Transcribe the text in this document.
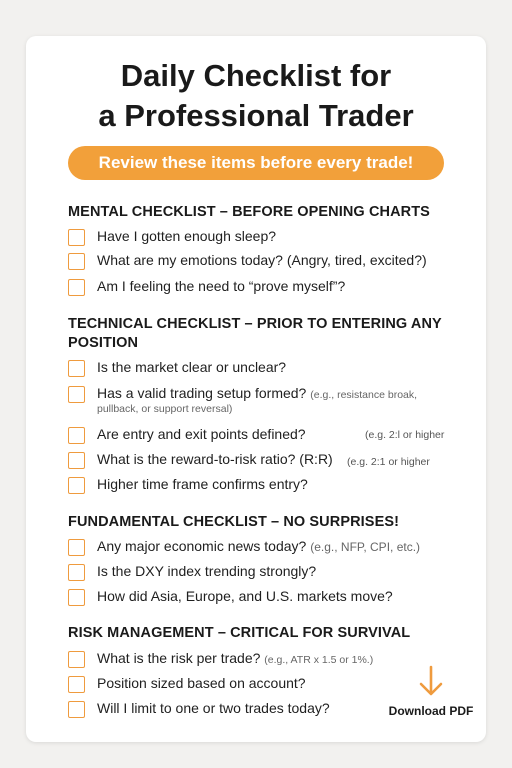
Daily Checklist for
a Professional Trader
Review these items before every trade!
MENTAL CHECKLIST – BEFORE OPENING CHARTS
Have I gotten enough sleep?
What are my emotions today? (Angry, tired, excited?)
Am I feeling the need to “prove myself”?
TECHNICAL CHECKLIST – PRIOR TO ENTERING ANY
POSITION
Is the market clear or unclear?
Has a valid trading setup formed? (e.g., resistance broak,
pullback, or support reversal)
Are entry and exit points defined?	(e.g. 2:l or higher
What is the reward-to-risk ratio? (R:R)	(e.g. 2:1 or higher
Higher time frame confirms entry?
FUNDAMENTAL CHECKLIST – NO SURPRISES!
Any major economic news today? (e.g., NFP, CPI, etc.)
Is the DXY index trending strongly?
How did Asia, Europe, and U.S. markets move?
RISK MANAGEMENT – CRITICAL FOR SURVIVAL
What is the risk per trade? (e.g., ATR x 1.5 or 1%.)
Position sized based on account?
Will I limit to one or two trades today?	Download PDF
